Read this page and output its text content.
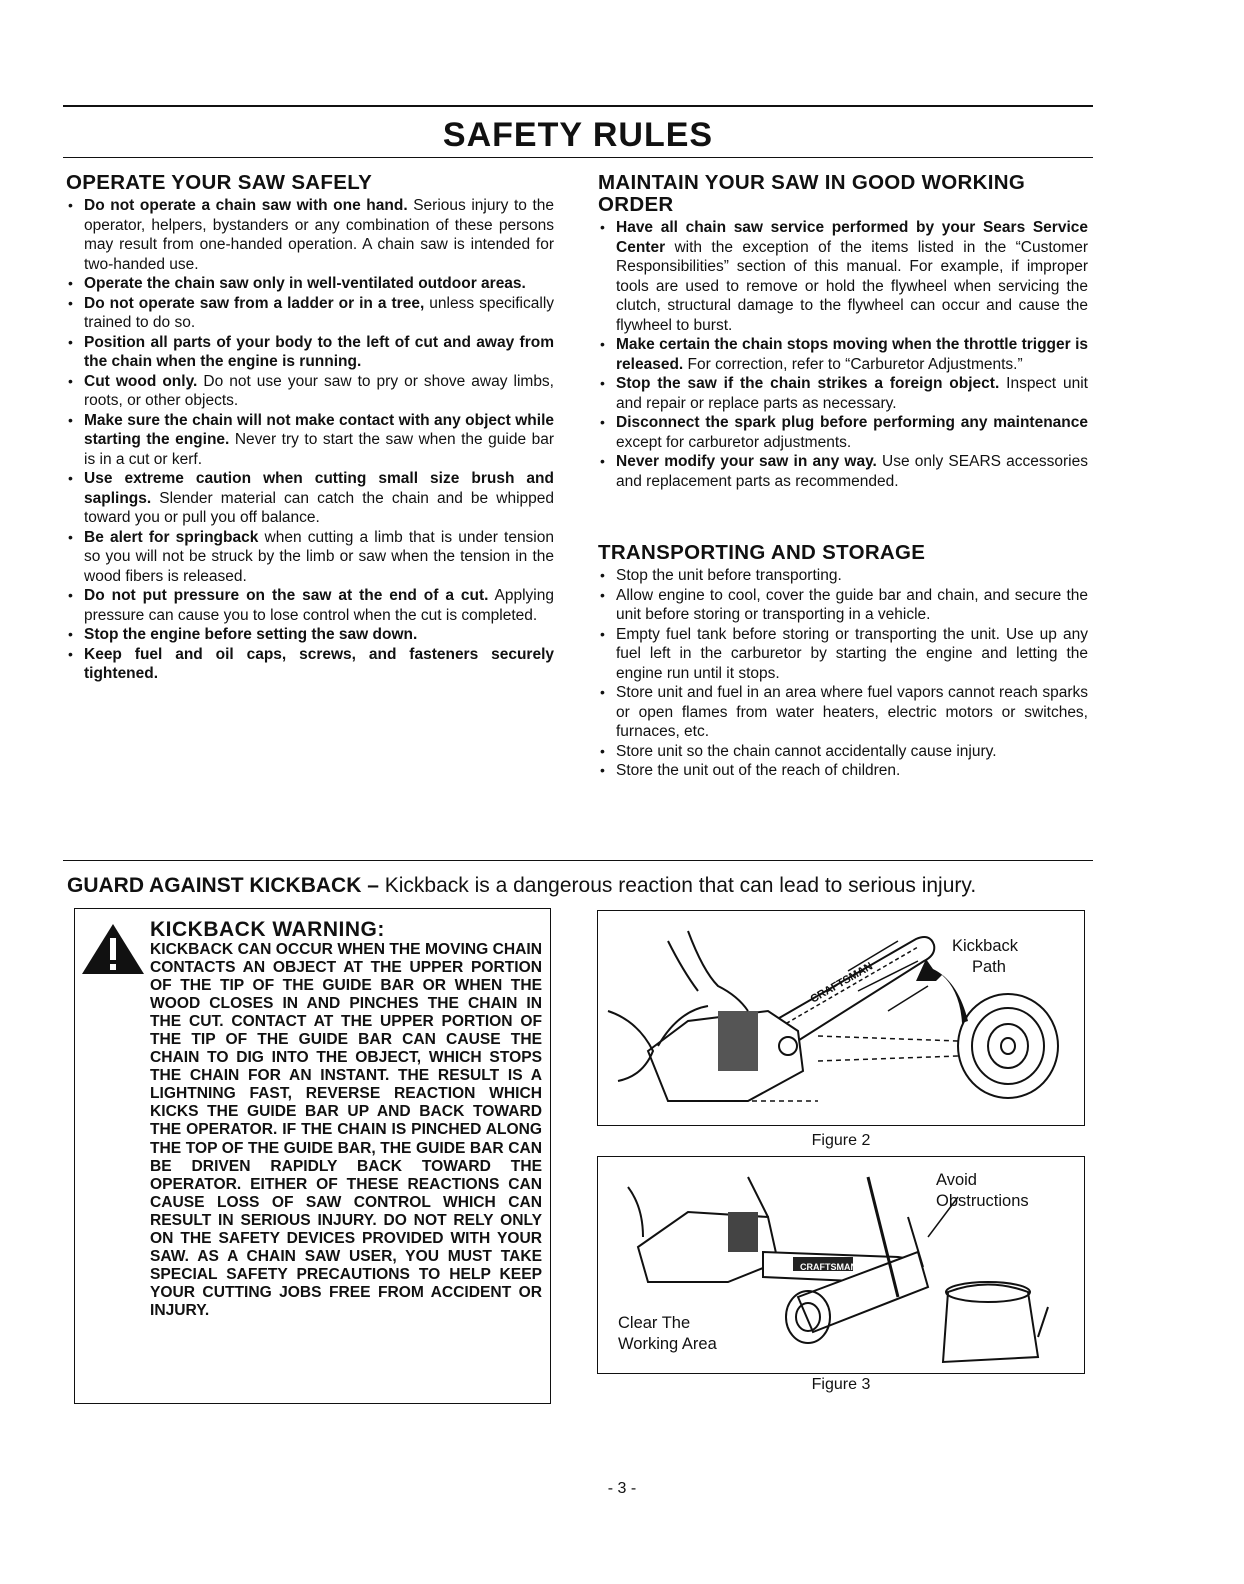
SAFETY RULES
OPERATE YOUR SAW SAFELY
• Do not operate a chain saw with one hand. Serious injury to the operator, helpers, bystanders or any combination of these persons may result from one-handed operation. A chain saw is intended for two-handed use.
• Operate the chain saw only in well-ventilated outdoor areas.
• Do not operate saw from a ladder or in a tree, unless specifically trained to do so.
• Position all parts of your body to the left of cut and away from the chain when the engine is running.
• Cut wood only. Do not use your saw to pry or shove away limbs, roots, or other objects.
• Make sure the chain will not make contact with any object while starting the engine. Never try to start the saw when the guide bar is in a cut or kerf.
• Use extreme caution when cutting small size brush and saplings. Slender material can catch the chain and be whipped toward you or pull you off balance.
• Be alert for springback when cutting a limb that is under tension so you will not be struck by the limb or saw when the tension in the wood fibers is released.
• Do not put pressure on the saw at the end of a cut. Applying pressure can cause you to lose control when the cut is completed.
• Stop the engine before setting the saw down.
• Keep fuel and oil caps, screws, and fasteners securely tightened.
MAINTAIN YOUR SAW IN GOOD WORKING ORDER
• Have all chain saw service performed by your Sears Service Center with the exception of the items listed in the “Customer Responsibilities” section of this manual. For example, if improper tools are used to remove or hold the flywheel when servicing the clutch, structural damage to the flywheel can occur and cause the flywheel to burst.
• Make certain the chain stops moving when the throttle trigger is released. For correction, refer to “Carburetor Adjustments.”
• Stop the saw if the chain strikes a foreign object. Inspect unit and repair or replace parts as necessary.
• Disconnect the spark plug before performing any maintenance except for carburetor adjustments.
• Never modify your saw in any way. Use only SEARS accessories and replacement parts as recommended.
TRANSPORTING AND STORAGE
• Stop the unit before transporting.
• Allow engine to cool, cover the guide bar and chain, and secure the unit before storing or transporting in a vehicle.
• Empty fuel tank before storing or transporting the unit. Use up any fuel left in the carburetor by starting the engine and letting the engine run until it stops.
• Store unit and fuel in an area where fuel vapors cannot reach sparks or open flames from water heaters, electric motors or switches, furnaces, etc.
• Store unit so the chain cannot accidentally cause injury.
• Store the unit out of the reach of children.
GUARD AGAINST KICKBACK – Kickback is a dangerous reaction that can lead to serious injury.
KICKBACK WARNING:
KICKBACK CAN OCCUR WHEN THE MOVING CHAIN CONTACTS AN OBJECT AT THE UPPER PORTION OF THE TIP OF THE GUIDE BAR OR WHEN THE WOOD CLOSES IN AND PINCHES THE CHAIN IN THE CUT. CONTACT AT THE UPPER PORTION OF THE TIP OF THE GUIDE BAR CAN CAUSE THE CHAIN TO DIG INTO THE OBJECT, WHICH STOPS THE CHAIN FOR AN INSTANT. THE RESULT IS A LIGHTNING FAST, REVERSE REACTION WHICH KICKS THE GUIDE BAR UP AND BACK TOWARD THE OPERATOR. IF THE CHAIN IS PINCHED ALONG THE TOP OF THE GUIDE BAR, THE GUIDE BAR CAN BE DRIVEN RAPIDLY BACK TOWARD THE OPERATOR. EITHER OF THESE REACTIONS CAN CAUSE LOSS OF SAW CONTROL WHICH CAN RESULT IN SERIOUS INJURY. DO NOT RELY ONLY ON THE SAFETY DEVICES PROVIDED WITH YOUR SAW. AS A CHAIN SAW USER, YOU MUST TAKE SPECIAL SAFETY PRECAUTIONS TO HELP KEEP YOUR CUTTING JOBS FREE FROM ACCIDENT OR INJURY.
CRAFTSMAN
Kickback
Path
Figure 2
CRAFTSMAN
Avoid
Obstructions
Clear The
Working Area
Figure 3
- 3 -
